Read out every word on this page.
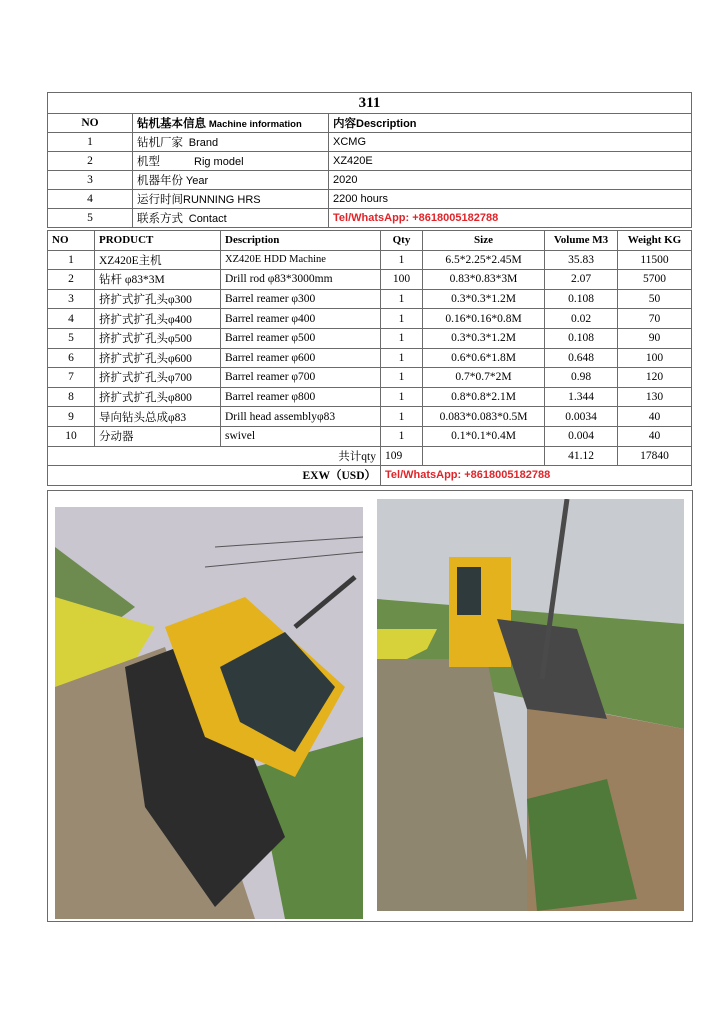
311		
NO	钻机基本信息 Machine information	内容Description
1	钻机厂家 Brand	XCMG
2	机型 Rig model	XZ420E
3	机器年份 Year	2020
4	运行时间RUNNING HRS	2200 hours
5	联系方式 Contact	Tel/WhatsApp: +8618005182788
NO	PRODUCT	Description	Qty	Size	Volume M3	Weight KG
1	XZ420E主机	XZ420E HDD Machine	1	6.5*2.25*2.45M	35.83	11500
2	钻杆 φ83*3M	Drill rod φ83*3000mm	100	0.83*0.83*3M	2.07	5700
3	挤扩式扩孔头φ300	Barrel reamer φ300	1	0.3*0.3*1.2M	0.108	50
4	挤扩式扩孔头φ400	Barrel reamer φ400	1	0.16*0.16*0.8M	0.02	70
5	挤扩式扩孔头φ500	Barrel reamer φ500	1	0.3*0.3*1.2M	0.108	90
6	挤扩式扩孔头φ600	Barrel reamer φ600	1	0.6*0.6*1.8M	0.648	100
7	挤扩式扩孔头φ700	Barrel reamer φ700	1	0.7*0.7*2M	0.98	120
8	挤扩式扩孔头φ800	Barrel reamer φ800	1	0.8*0.8*2.1M	1.344	130
9	导向钻头总成φ83	Drill head assemblyφ83	1	0.083*0.083*0.5M	0.0034	40
10	分动器	swivel	1	0.1*0.1*0.4M	0.004	40
共计qty			109		41.12	17840
EXW（USD）			Tel/WhatsApp: +8618005182788			
